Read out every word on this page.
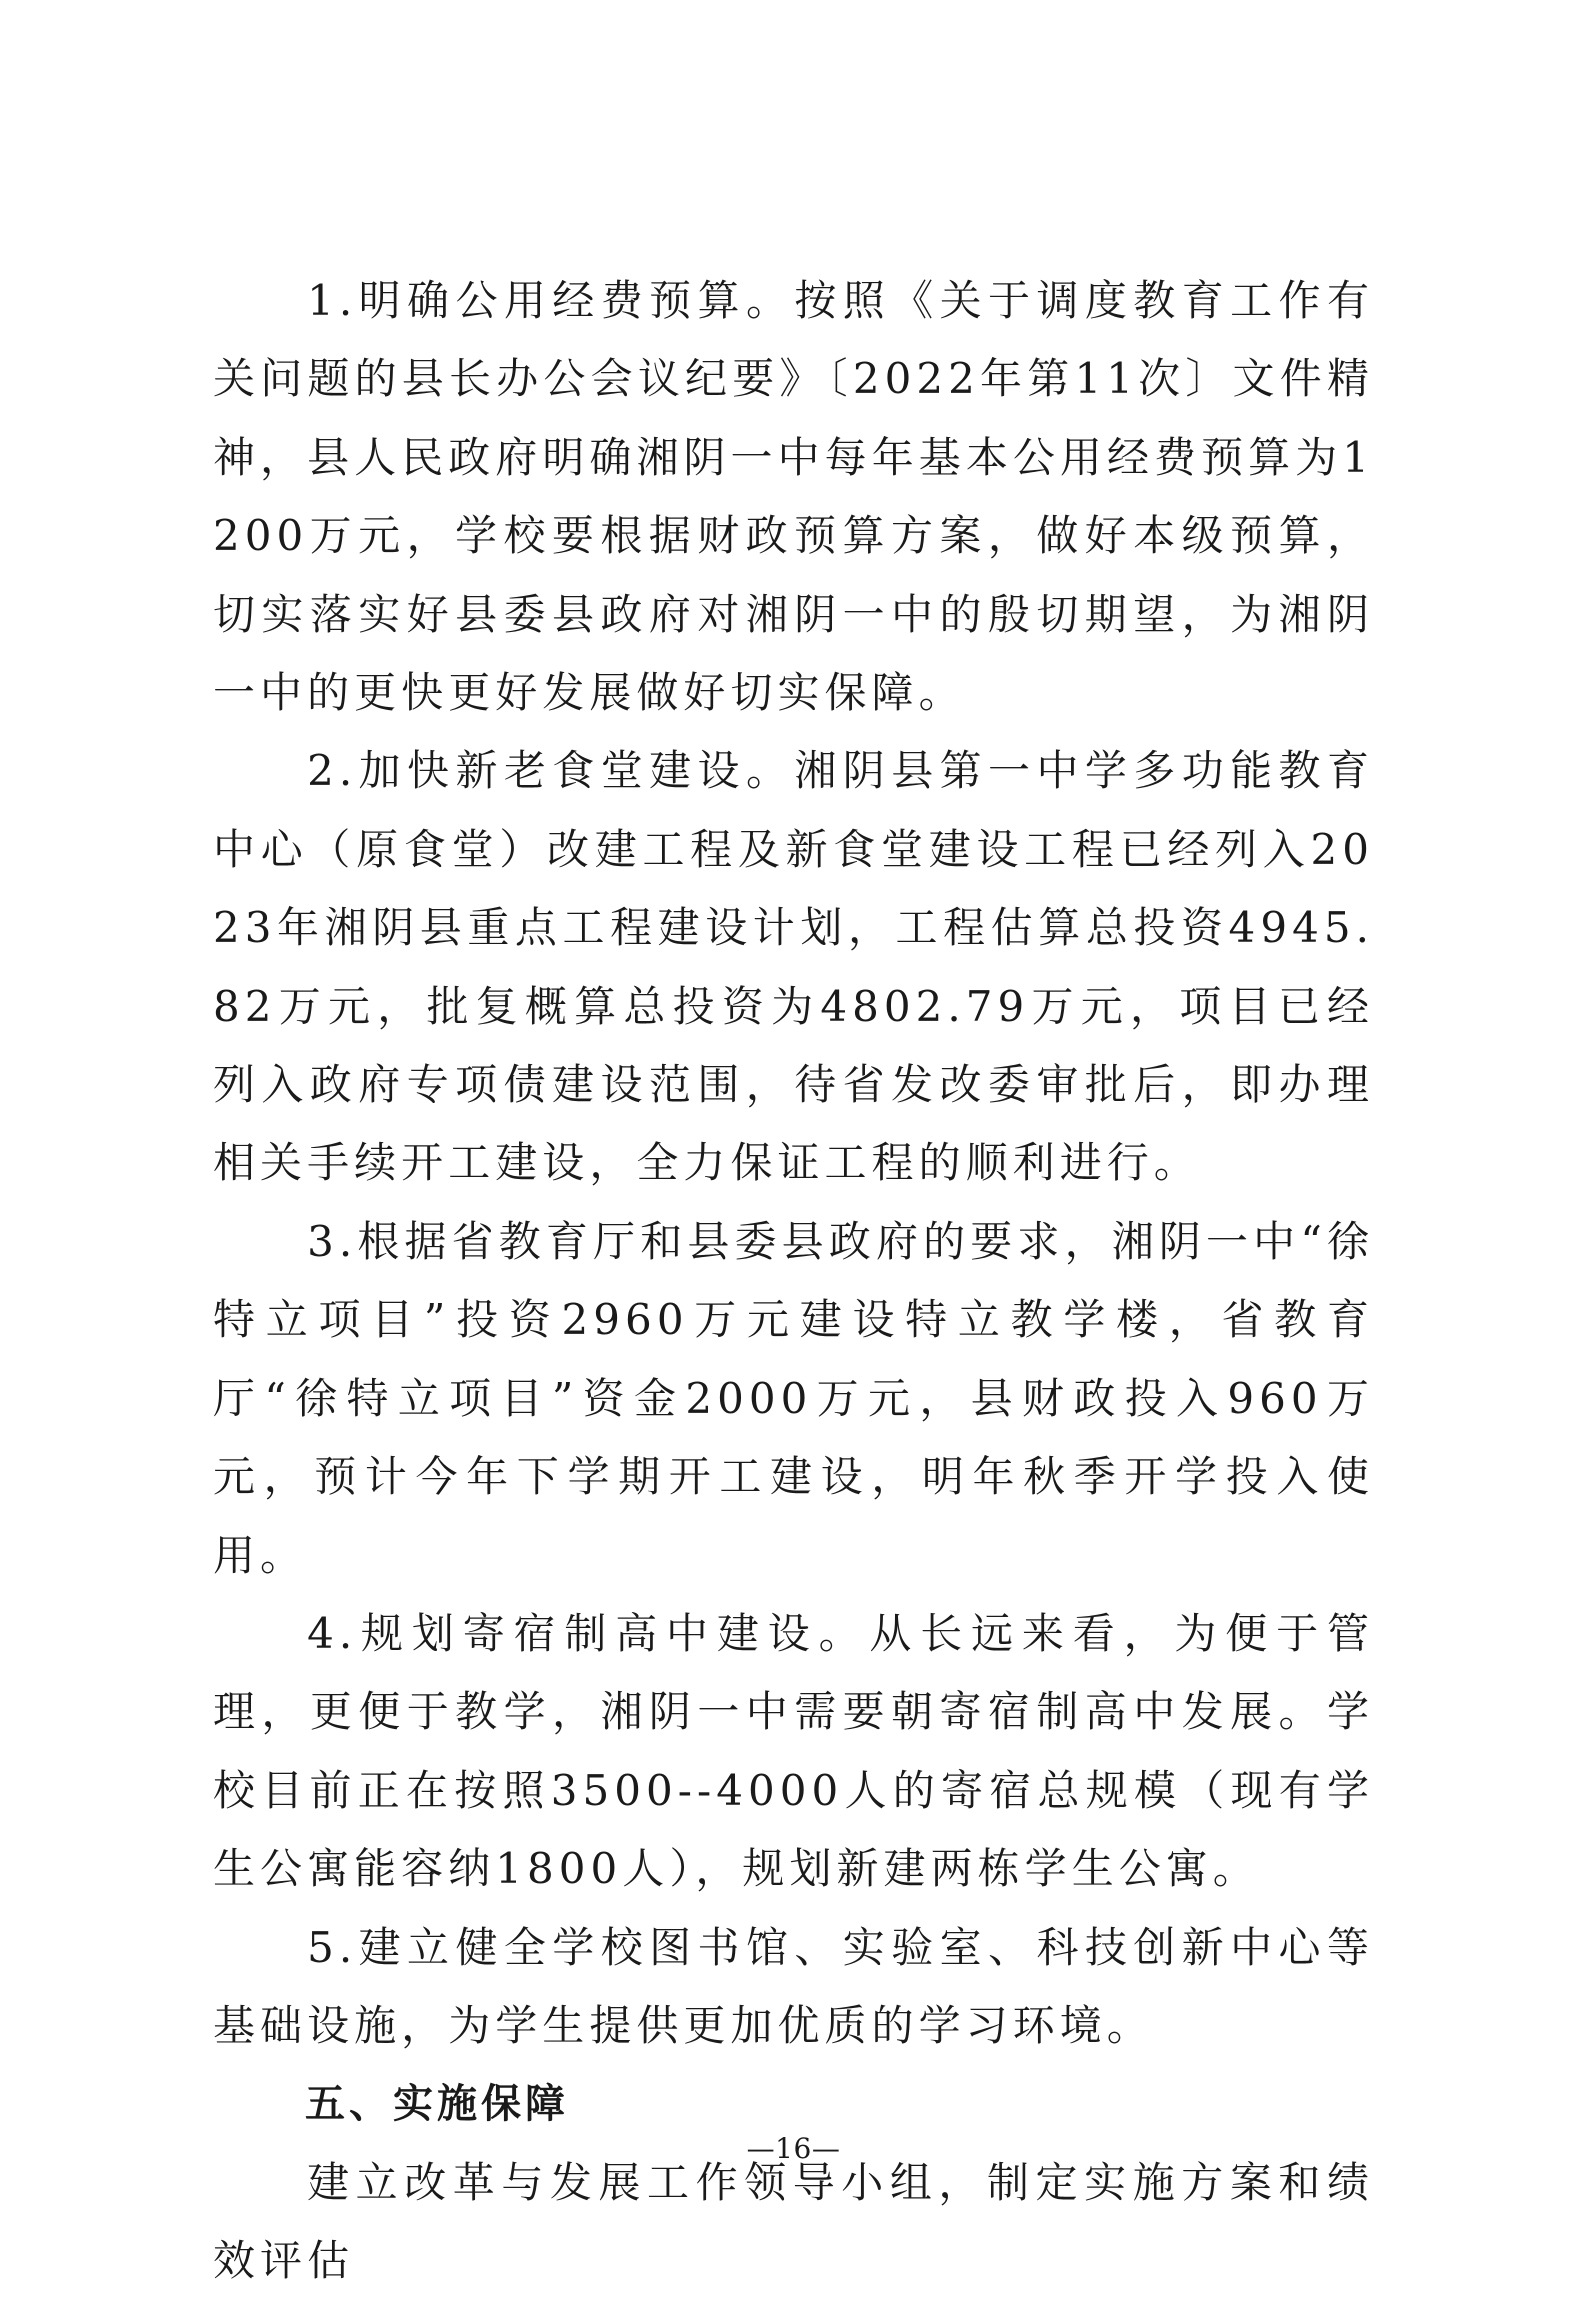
1.明确公用经费预算。按照《关于调度教育工作有关问题的县长办公会议纪要》〔2022年第11次〕文件精神，县人民政府明确湘阴一中每年基本公用经费预算为1200万元，学校要根据财政预算方案，做好本级预算，切实落实好县委县政府对湘阴一中的殷切期望，为湘阴一中的更快更好发展做好切实保障。

2.加快新老食堂建设。湘阴县第一中学多功能教育中心（原食堂）改建工程及新食堂建设工程已经列入2023年湘阴县重点工程建设计划，工程估算总投资4945.82万元，批复概算总投资为4802.79万元，项目已经列入政府专项债建设范围，待省发改委审批后，即办理相关手续开工建设，全力保证工程的顺利进行。

3.根据省教育厅和县委县政府的要求，湘阴一中“徐特立项目”投资2960万元建设特立教学楼，省教育厅“徐特立项目”资金2000万元，县财政投入960万元，预计今年下学期开工建设，明年秋季开学投入使用。

4.规划寄宿制高中建设。从长远来看，为便于管理，更便于教学，湘阴一中需要朝寄宿制高中发展。学校目前正在按照3500--4000人的寄宿总规模（现有学生公寓能容纳1800人），规划新建两栋学生公寓。

5.建立健全学校图书馆、实验室、科技创新中心等基础设施，为学生提供更加优质的学习环境。

五、实施保障

建立改革与发展工作领导小组，制定实施方案和绩效评估

—16—
